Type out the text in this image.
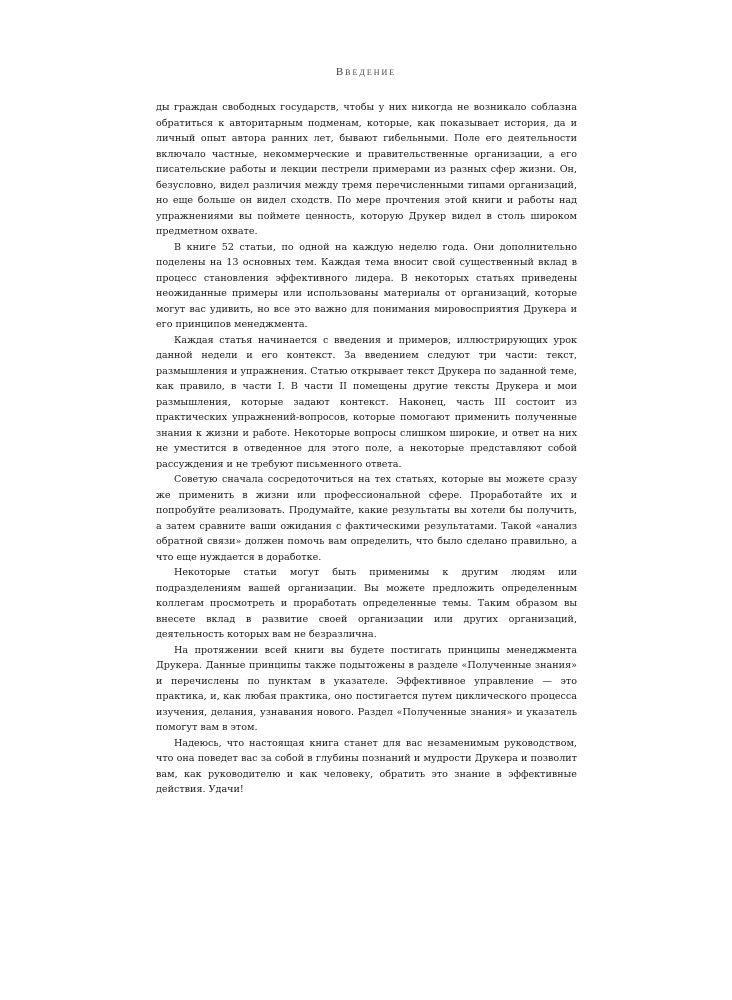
Введение

ды граждан свободных государств, чтобы у них никогда не возникало соблазна обратиться к авторитарным подменам, которые, как показывает история, да и личный опыт автора ранних лет, бывают гибельными. Поле его деятельности включало частные, некоммерческие и правительственные организации, а его писательские работы и лекции пестрели примерами из разных сфер жизни. Он, безусловно, видел различия между тремя перечисленными типами организаций, но еще больше он видел сходств. По мере прочтения этой книги и работы над упражнениями вы поймете ценность, которую Друкер видел в столь широком предметном охвате.

В книге 52 статьи, по одной на каждую неделю года. Они дополнительно поделены на 13 основных тем. Каждая тема вносит свой существенный вклад в процесс становления эффективного лидера. В некоторых статьях приведены неожиданные примеры или использованы материалы от организаций, которые могут вас удивить, но все это важно для понимания мировосприятия Друкера и его принципов менеджмента.

Каждая статья начинается с введения и примеров, иллюстрирующих урок данной недели и его контекст. За введением следуют три части: текст, размышления и упражнения. Статью открывает текст Друкера по заданной теме, как правило, в части I. В части II помещены другие тексты Друкера и мои размышления, которые задают контекст. Наконец, часть III состоит из практических упражнений-вопросов, которые помогают применить полученные знания к жизни и работе. Некоторые вопросы слишком широкие, и ответ на них не уместится в отведенное для этого поле, а некоторые представляют собой рассуждения и не требуют письменного ответа.

Советую сначала сосредоточиться на тех статьях, которые вы можете сразу же применить в жизни или профессиональной сфере. Проработайте их и попробуйте реализовать. Продумайте, какие результаты вы хотели бы получить, а затем сравните ваши ожидания с фактическими результатами. Такой «анализ обратной связи» должен помочь вам определить, что было сделано правильно, а что еще нуждается в доработке.

Некоторые статьи могут быть применимы к другим людям или подразделениям вашей организации. Вы можете предложить определенным коллегам просмотреть и проработать определенные темы. Таким образом вы внесете вклад в развитие своей организации или других организаций, деятельность которых вам не безразлична.

На протяжении всей книги вы будете постигать принципы менеджмента Друкера. Данные принципы также подытожены в разделе «Полученные знания» и перечислены по пунктам в указателе. Эффективное управление — это практика, и, как любая практика, оно постигается путем циклического процесса изучения, делания, узнавания нового. Раздел «Полученные знания» и указатель помогут вам в этом.

Надеюсь, что настоящая книга станет для вас незаменимым руководством, что она поведет вас за собой в глубины познаний и мудрости Друкера и позволит вам, как руководителю и как человеку, обратить это знание в эффективные действия. Удачи!
